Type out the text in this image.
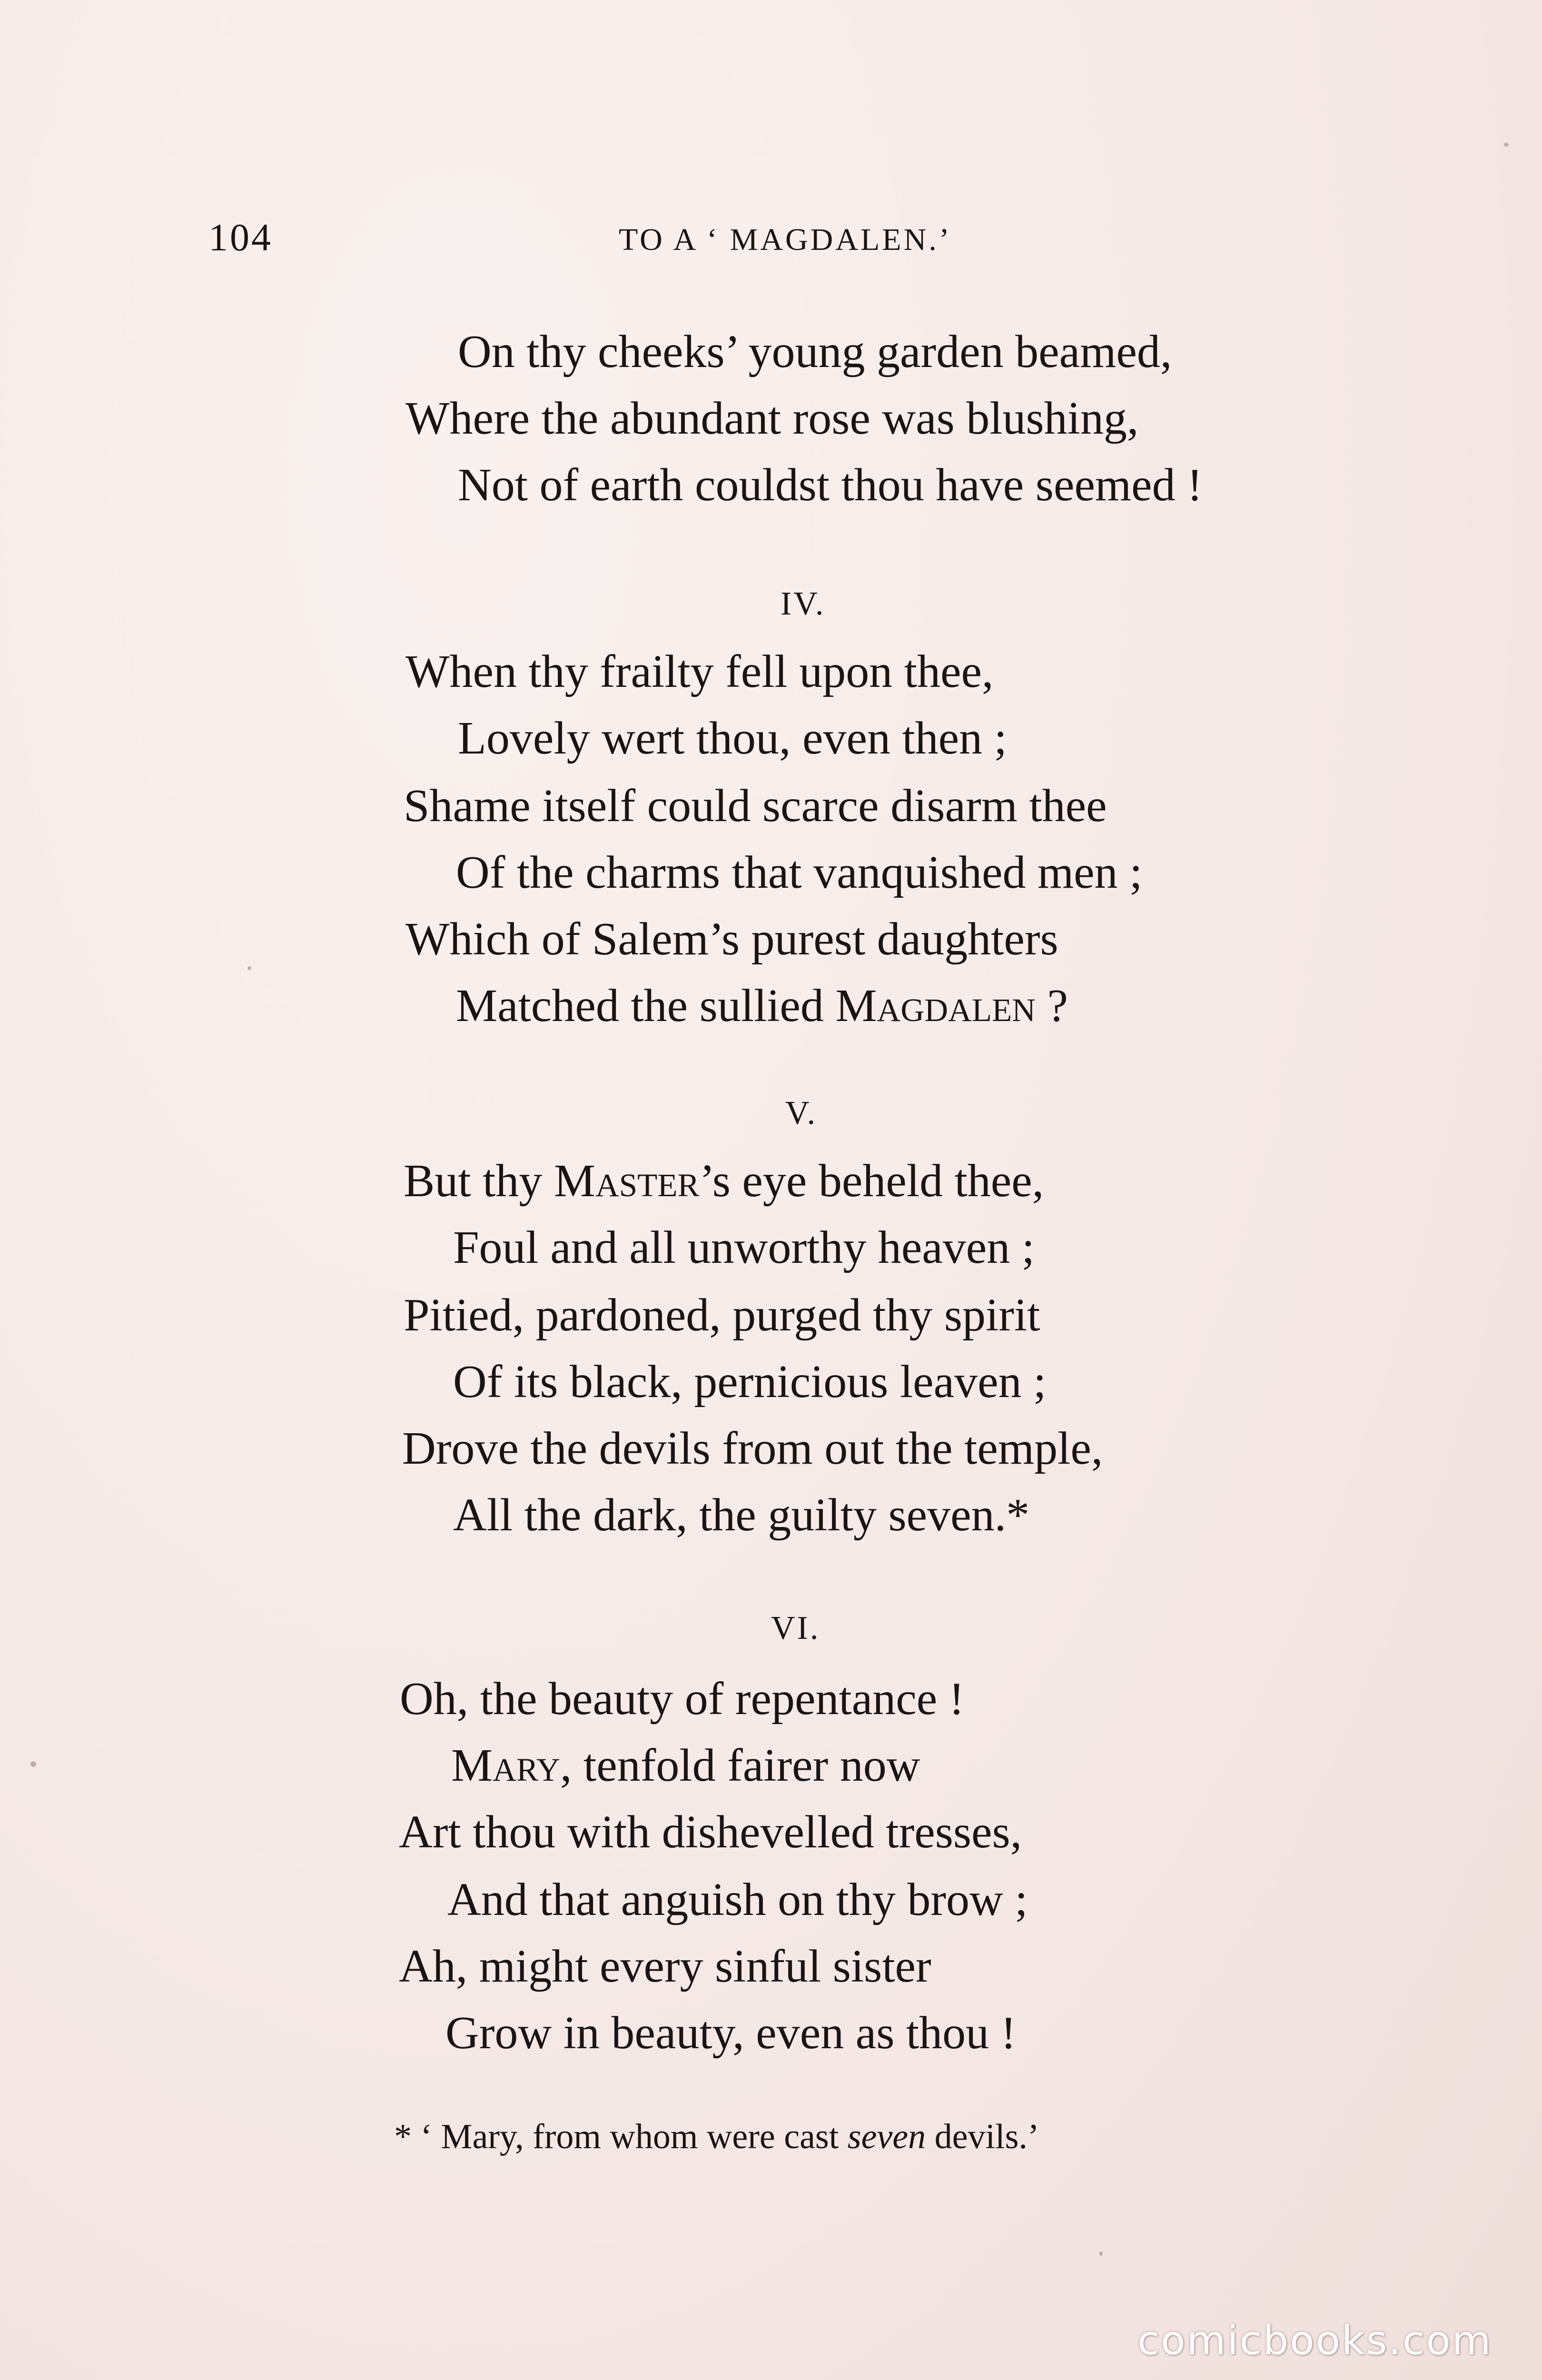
104	TO A ‘ MAGDALEN.’
On thy cheeks’ young garden beamed,
Where the abundant rose was blushing,
Not of earth couldst thou have seemed !
IV.
When thy frailty fell upon thee,
Lovely wert thou, even then ;
Shame itself could scarce disarm thee
Of the charms that vanquished men ;
Which of Salem’s purest daughters
Matched the sullied Magdalen ?
V.
But thy Master’s eye beheld thee,
Foul and all unworthy heaven ;
Pitied, pardoned, purged thy spirit
Of its black, pernicious leaven ;
Drove the devils from out the temple,
All the dark, the guilty seven.*
VI.
Oh, the beauty of repentance !
Mary, tenfold fairer now
Art thou with dishevelled tresses,
And that anguish on thy brow ;
Ah, might every sinful sister
Grow in beauty, even as thou !
* ‘ Mary, from whom were cast seven devils.’
comicbooks.com
